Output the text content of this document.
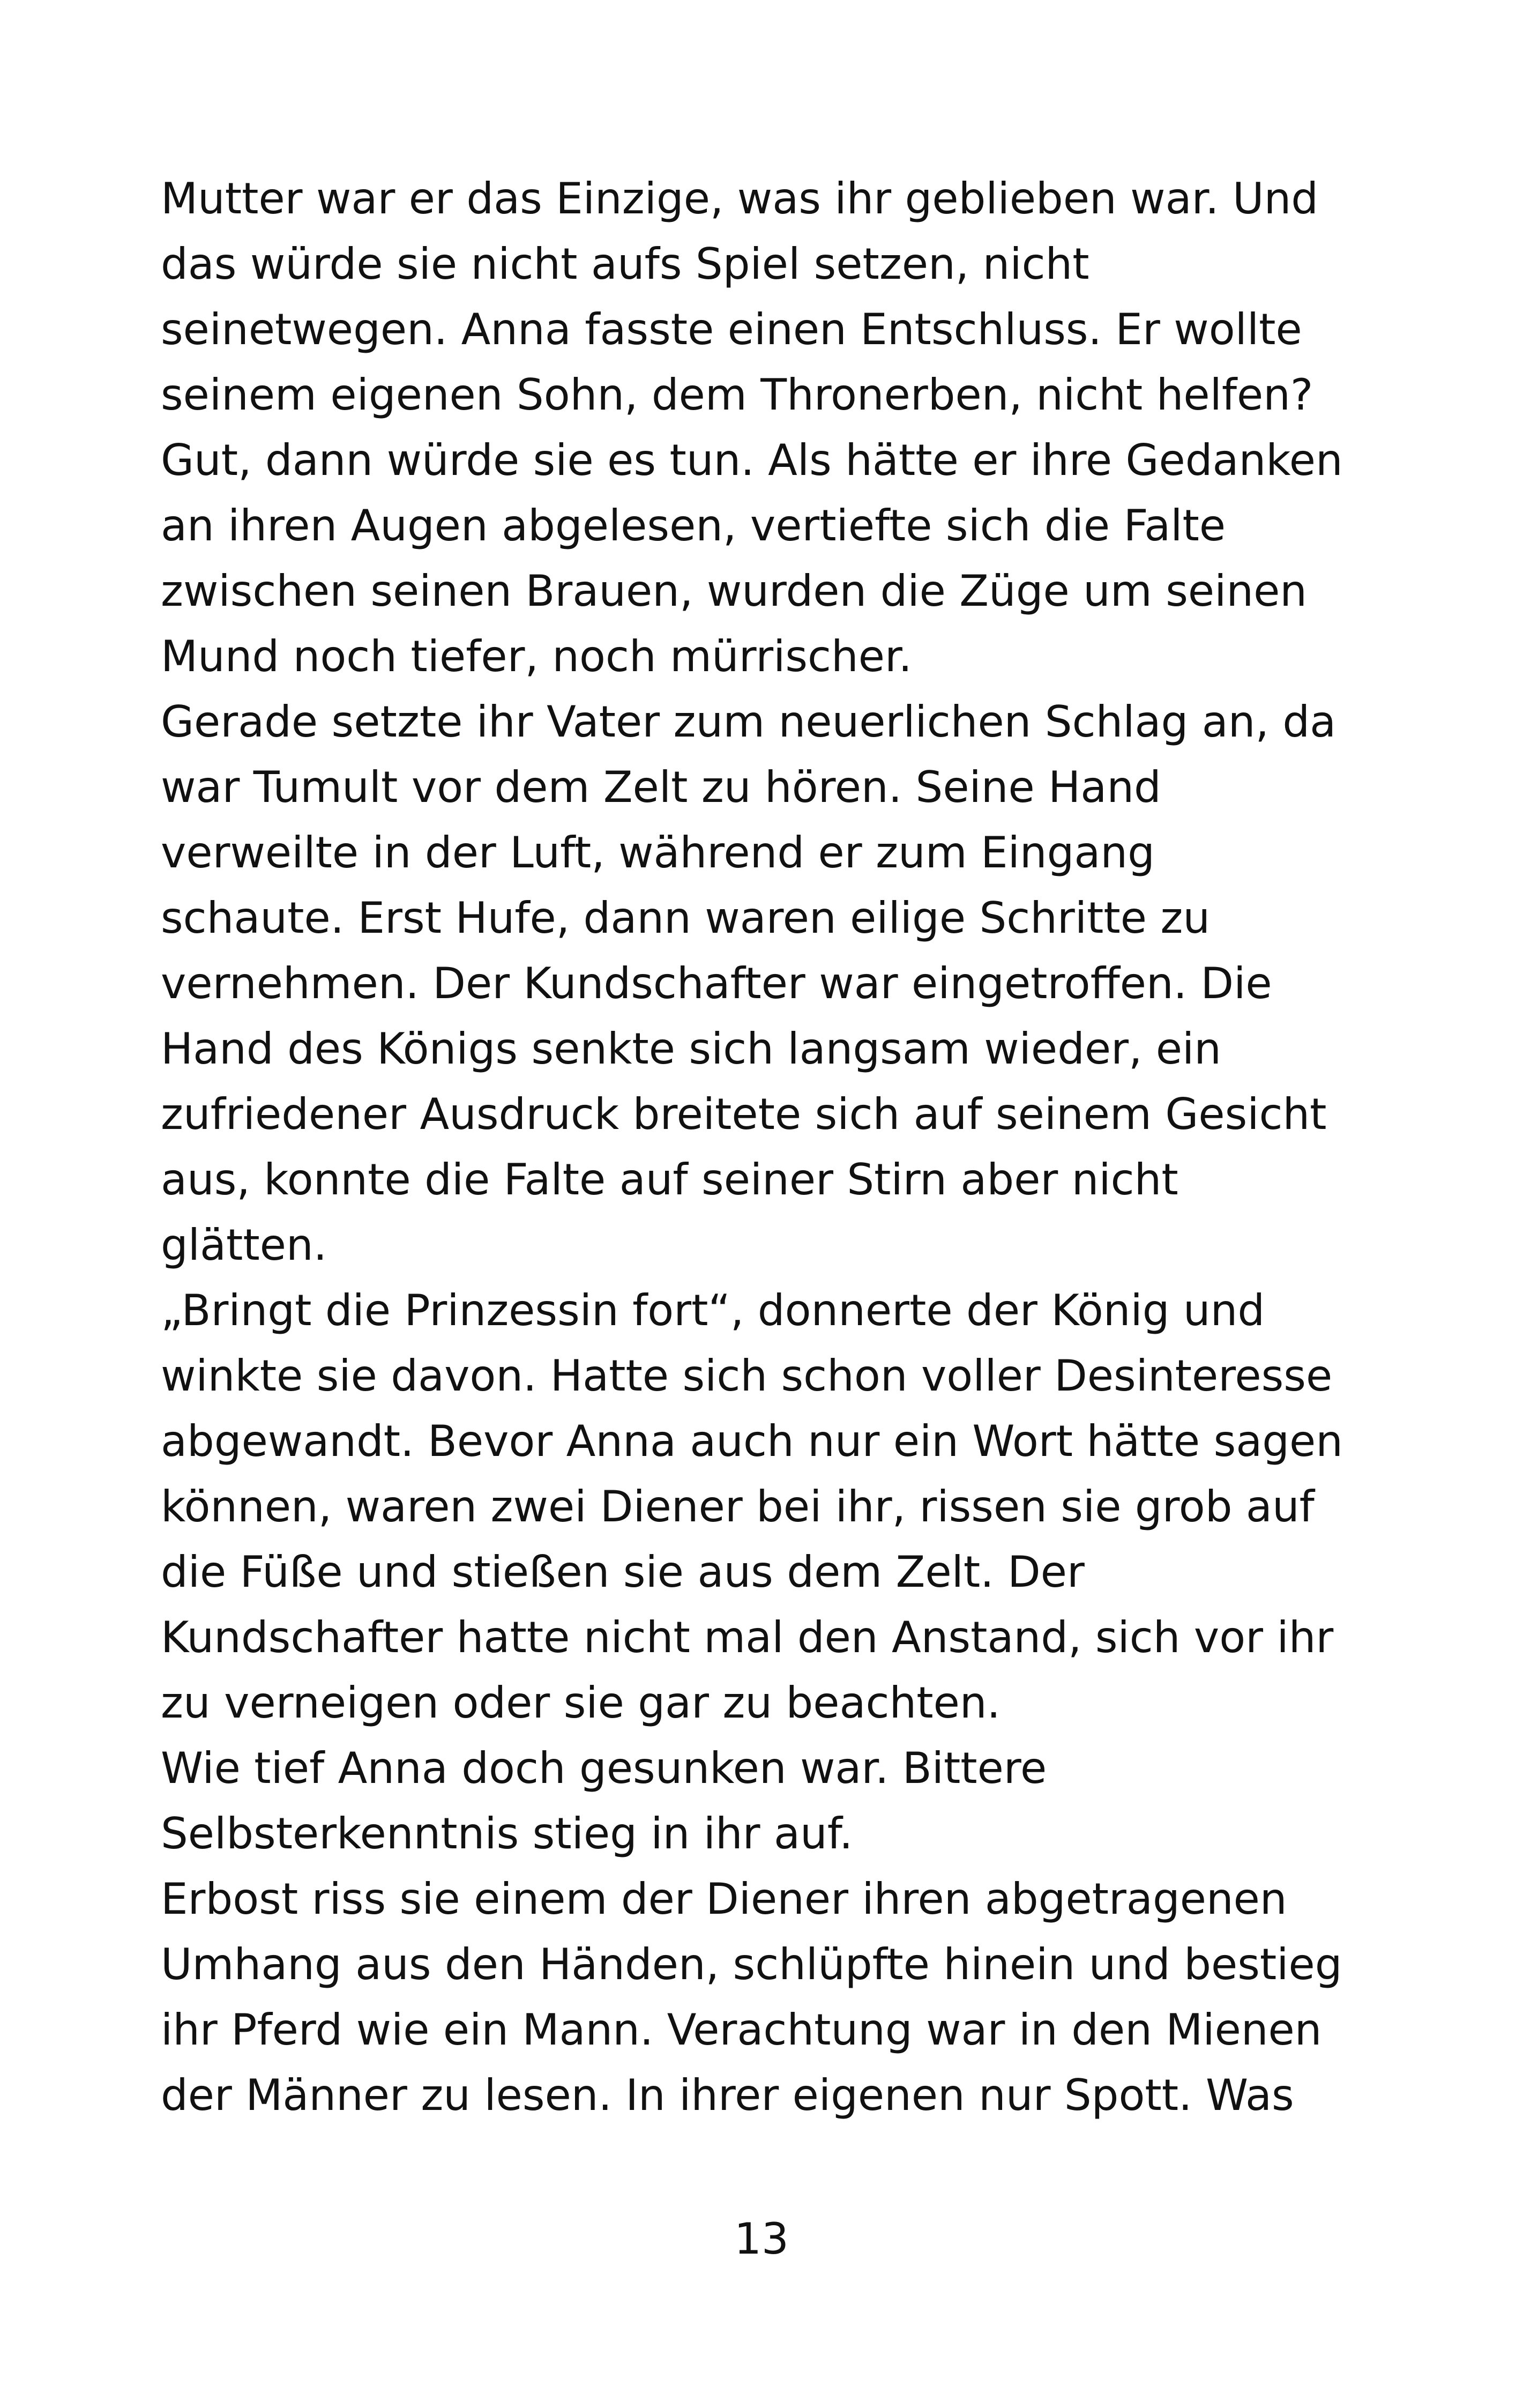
Mutter war er das Einzige, was ihr geblieben war. Und
das würde sie nicht aufs Spiel setzen, nicht
seinetwegen. Anna fasste einen Entschluss. Er wollte
seinem eigenen Sohn, dem Thronerben, nicht helfen?
Gut, dann würde sie es tun. Als hätte er ihre Gedanken
an ihren Augen abgelesen, vertiefte sich die Falte
zwischen seinen Brauen, wurden die Züge um seinen
Mund noch tiefer, noch mürrischer.
Gerade setzte ihr Vater zum neuerlichen Schlag an, da
war Tumult vor dem Zelt zu hören. Seine Hand
verweilte in der Luft, während er zum Eingang
schaute. Erst Hufe, dann waren eilige Schritte zu
vernehmen. Der Kundschafter war eingetroffen. Die
Hand des Königs senkte sich langsam wieder, ein
zufriedener Ausdruck breitete sich auf seinem Gesicht
aus, konnte die Falte auf seiner Stirn aber nicht
glätten.
„Bringt die Prinzessin fort“, donnerte der König und
winkte sie davon. Hatte sich schon voller Desinteresse
abgewandt. Bevor Anna auch nur ein Wort hätte sagen
können, waren zwei Diener bei ihr, rissen sie grob auf
die Füße und stießen sie aus dem Zelt. Der
Kundschafter hatte nicht mal den Anstand, sich vor ihr
zu verneigen oder sie gar zu beachten.
Wie tief Anna doch gesunken war. Bittere
Selbsterkenntnis stieg in ihr auf.
Erbost riss sie einem der Diener ihren abgetragenen
Umhang aus den Händen, schlüpfte hinein und bestieg
ihr Pferd wie ein Mann. Verachtung war in den Mienen
der Männer zu lesen. In ihrer eigenen nur Spott. Was
13
